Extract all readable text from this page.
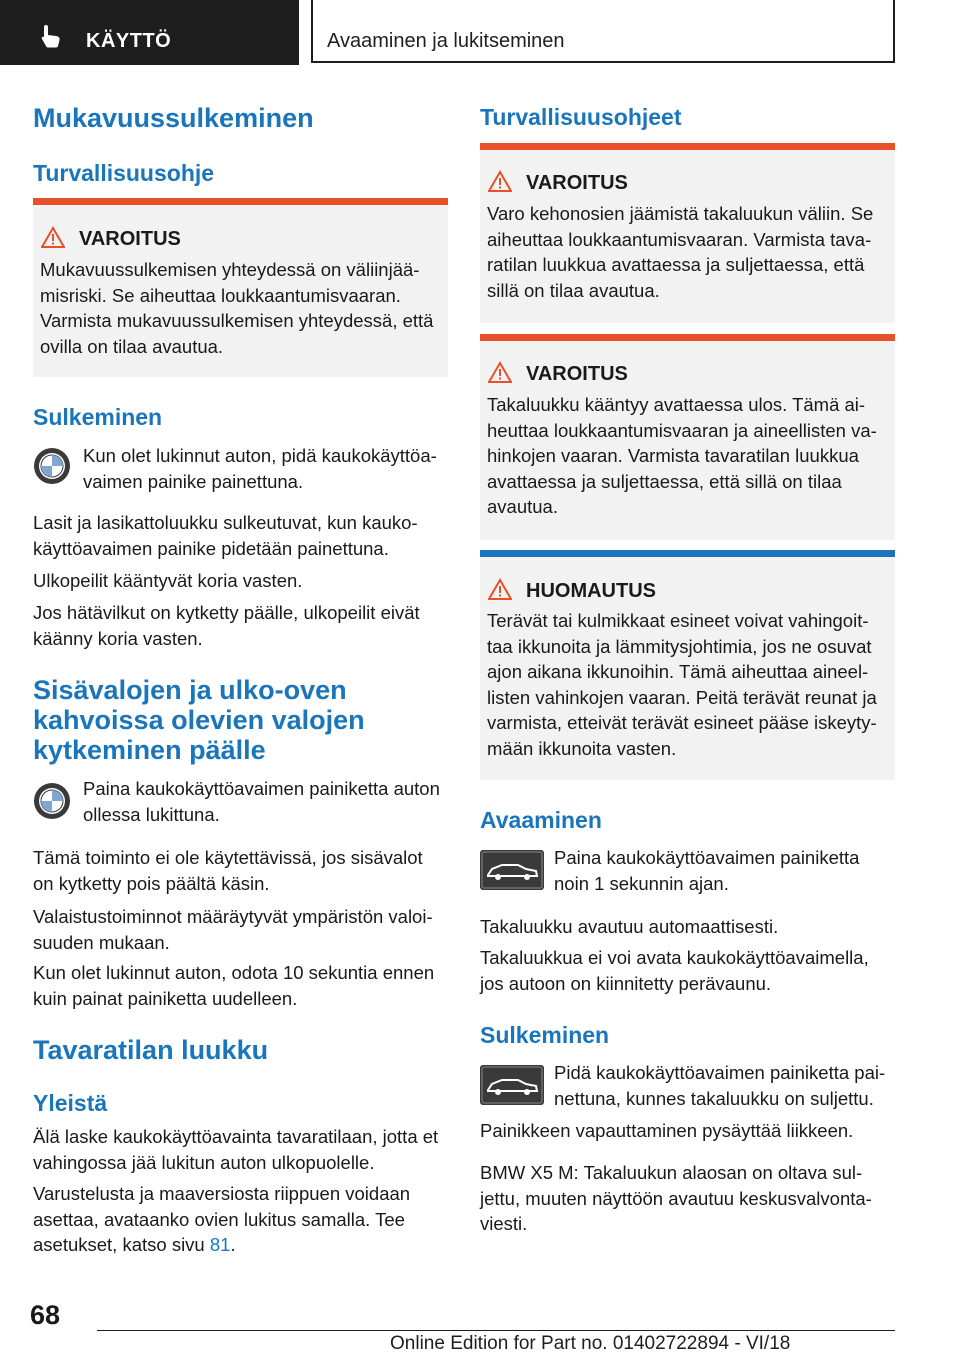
KÄYTTÖ	Avaaminen ja lukitseminen
Mukavuussulkeminen
Turvallisuusohje
VAROITUS
Mukavuussulkemisen yhteydessä on väliinjää-misriski. Se aiheuttaa loukkaantumisvaaran. Varmista mukavuussulkemisen yhteydessä, että ovilla on tilaa avautua.
Sulkeminen
Kun olet lukinnut auton, pidä kaukokäyttöa-vaimen painike painettuna.
Lasit ja lasikattoluukku sulkeutuvat, kun kauko-käyttöavaimen painike pidetään painettuna.
Ulkopeilit kääntyvät koria vasten.
Jos hätävilkut on kytketty päälle, ulkopeilit eivät käänny koria vasten.
Sisävalojen ja ulko-oven kahvoissa olevien valojen kytkeminen päälle
Paina kaukokäyttöavaimen painiketta auton ollessa lukittuna.
Tämä toiminto ei ole käytettävissä, jos sisävalot on kytketty pois päältä käsin.
Valaistustoiminnot määräytyvät ympäristön valoi-suuden mukaan.
Kun olet lukinnut auton, odota 10 sekuntia ennen kuin painat painiketta uudelleen.
Tavaratilan luukku
Yleistä
Älä laske kaukokäyttöavainta tavaratilaan, jotta et vahingossa jää lukitun auton ulkopuolelle.
Varustelusta ja maaversiosta riippuen voidaan asettaa, avataanko ovien lukitus samalla. Tee asetukset, katso sivu 81.
Turvallisuusohjeet
VAROITUS
Varo kehonosien jäämistä takaluukun väliin. Se aiheuttaa loukkaantumisvaaran. Varmista tava-ratilan luukkua avattaessa ja suljettaessa, että sillä on tilaa avautua.
VAROITUS
Takaluukku kääntyy avattaessa ulos. Tämä ai-heuttaa loukkaantumisvaaran ja aineellisten va-hinkojen vaaran. Varmista tavaratilan luukkua avattaessa ja suljettaessa, että sillä on tilaa avautua.
HUOMAUTUS
Terävät tai kulmikkaat esineet voivat vahingoit-taa ikkunoita ja lämmitysjohtimia, jos ne osuvat ajon aikana ikkunoihin. Tämä aiheuttaa aineel-listen vahinkojen vaaran. Peitä terävät reunat ja varmista, etteivät terävät esineet pääse iskeyty-mään ikkunoita vasten.
Avaaminen
Paina kaukokäyttöavaimen painiketta noin 1 sekunnin ajan.
Takaluukku avautuu automaattisesti.
Takaluukkua ei voi avata kaukokäyttöavaimella, jos autoon on kiinnitetty perävaunu.
Sulkeminen
Pidä kaukokäyttöavaimen painiketta pai-nettuna, kunnes takaluukku on suljettu.
Painikkeen vapauttaminen pysäyttää liikkeen.
BMW X5 M: Takaluukun alaosan on oltava sul-jettu, muuten näyttöön avautuu keskusvalvonta-viesti.
68
Online Edition for Part no. 01402722894 - VI/18
